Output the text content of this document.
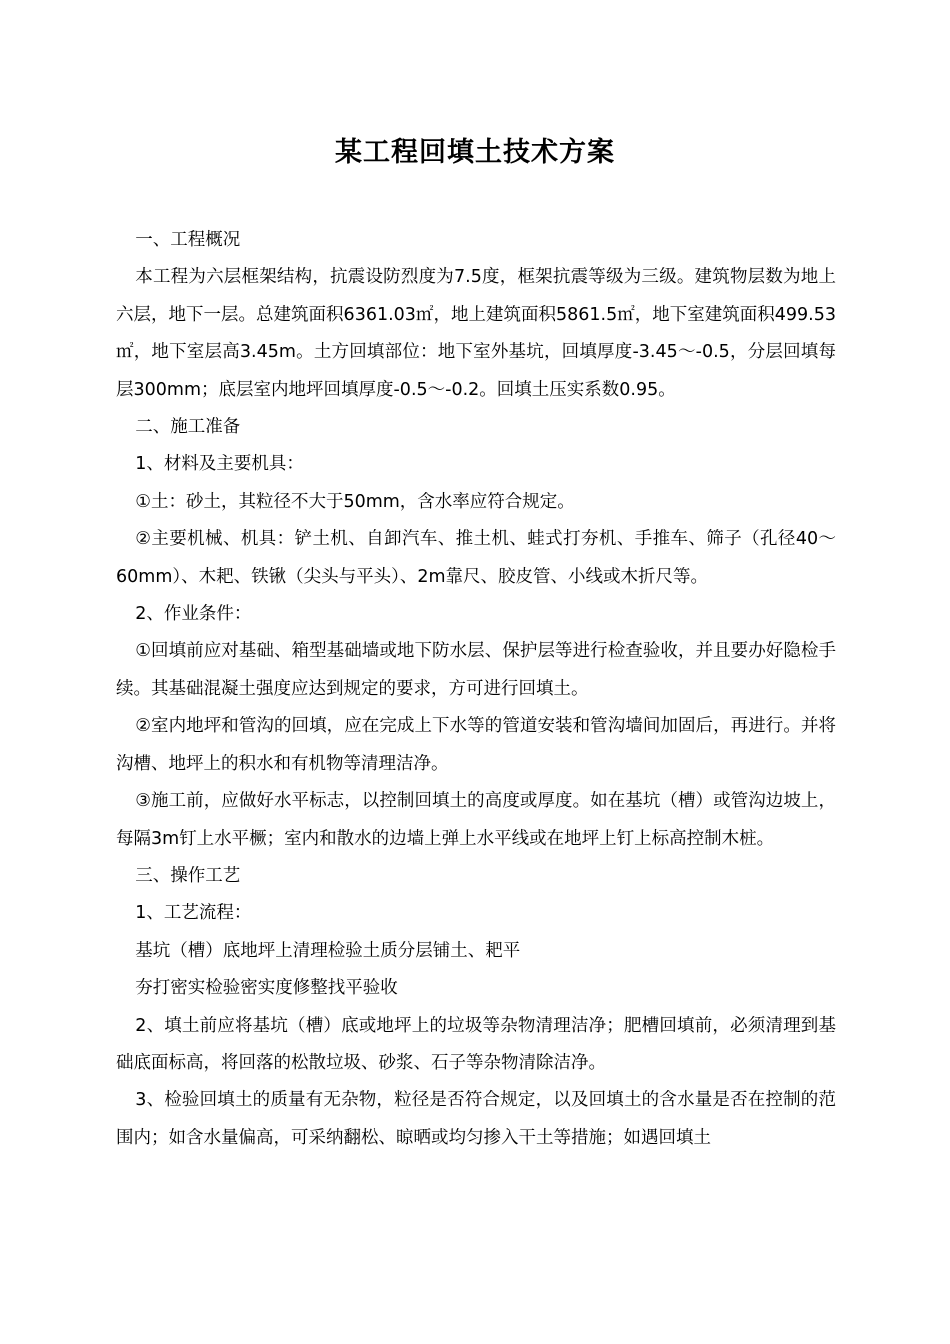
某工程回填土技术方案

一、工程概况

本工程为六层框架结构，抗震设防烈度为7.5度，框架抗震等级为三级。建筑物层数为地上六层，地下一层。总建筑面积6361.03㎡，地上建筑面积5861.5㎡，地下室建筑面积499.53㎡，地下室层高3.45m。土方回填部位：地下室外基坑，回填厚度-3.45～-0.5，分层回填每层300mm；底层室内地坪回填厚度-0.5～-0.2。回填土压实系数0.95。

二、施工准备

1、材料及主要机具：

①土：砂土，其粒径不大于50mm，含水率应符合规定。

②主要机械、机具：铲土机、自卸汽车、推土机、蛙式打夯机、手推车、筛子（孔径40～60mm）、木耙、铁锹（尖头与平头）、2m靠尺、胶皮管、小线或木折尺等。

2、作业条件：

①回填前应对基础、箱型基础墙或地下防水层、保护层等进行检查验收，并且要办好隐检手续。其基础混凝土强度应达到规定的要求，方可进行回填土。

②室内地坪和管沟的回填，应在完成上下水等的管道安装和管沟墙间加固后，再进行。并将沟槽、地坪上的积水和有机物等清理洁净。

③施工前，应做好水平标志，以控制回填土的高度或厚度。如在基坑（槽）或管沟边坡上，每隔3m钉上水平橛；室内和散水的边墙上弹上水平线或在地坪上钉上标高控制木桩。

三、操作工艺

1、工艺流程：

基坑（槽）底地坪上清理检验土质分层铺土、耙平

夯打密实检验密实度修整找平验收

2、填土前应将基坑（槽）底或地坪上的垃圾等杂物清理洁净；肥槽回填前，必须清理到基础底面标高，将回落的松散垃圾、砂浆、石子等杂物清除洁净。

3、检验回填土的质量有无杂物，粒径是否符合规定，以及回填土的含水量是否在控制的范围内；如含水量偏高，可采纳翻松、晾晒或均匀掺入干土等措施；如遇回填土
